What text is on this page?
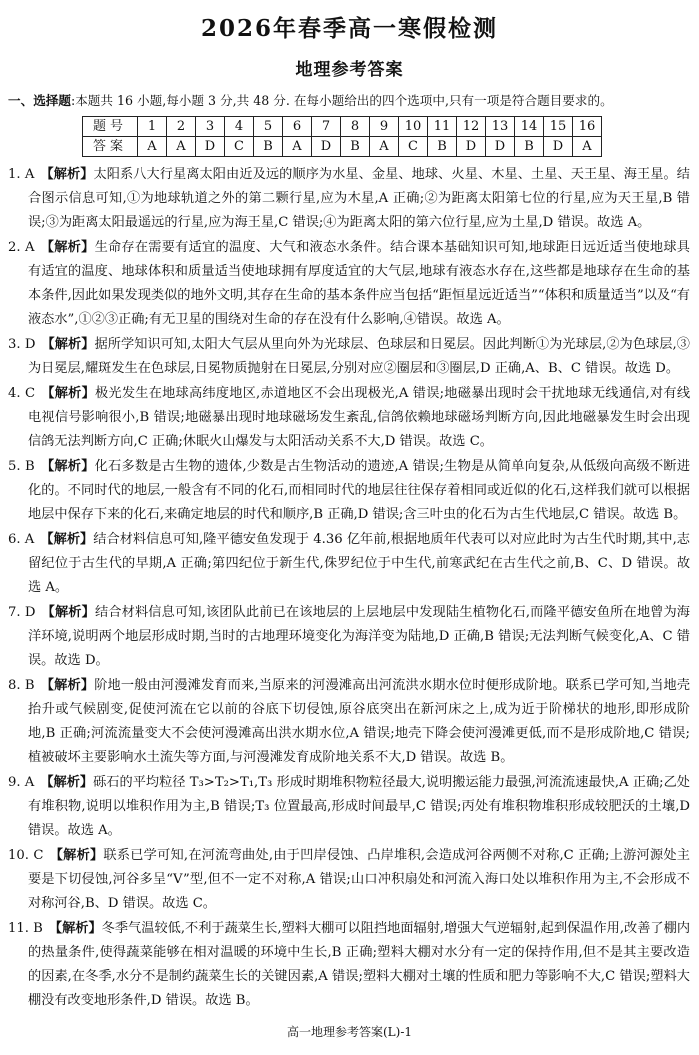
2026年春季高一寒假检测
地理参考答案
一、选择题:本题共 16 小题,每小题 3 分,共 48 分. 在每小题给出的四个选项中,只有一项是符合题目要求的。
题号	1	2	3	4	5	6	7	8	9	10	11	12	13	14	15	16
答案	A	A	D	C	B	A	D	B	A	C	B	D	D	B	D	A
1. A 【解析】太阳系八大行星离太阳由近及远的顺序为水星、金星、地球、火星、木星、土星、天王星、海王星。结合图示信息可知,①为地球轨道之外的第二颗行星,应为木星,A 正确;②为距离太阳第七位的行星,应为天王星,B 错误;③为距离太阳最遥远的行星,应为海王星,C 错误;④为距离太阳的第六位行星,应为土星,D 错误。故选 A。
2. A 【解析】生命存在需要有适宜的温度、大气和液态水条件。结合课本基础知识可知,地球距日远近适当使地球具有适宜的温度、地球体积和质量适当使地球拥有厚度适宜的大气层,地球有液态水存在,这些都是地球存在生命的基本条件,因此如果发现类似的地外文明,其存在生命的基本条件应当包括“距恒星远近适当”“体积和质量适当”以及“有液态水”,①②③正确;有无卫星的围绕对生命的存在没有什么影响,④错误。故选 A。
3. D 【解析】据所学知识可知,太阳大气层从里向外为光球层、色球层和日冕层。因此判断①为光球层,②为色球层,③为日冕层,耀斑发生在色球层,日冕物质抛射在日冕层,分别对应②圈层和③圈层,D 正确,A、B、C 错误。故选 D。
4. C 【解析】极光发生在地球高纬度地区,赤道地区不会出现极光,A 错误;地磁暴出现时会干扰地球无线通信,对有线电视信号影响很小,B 错误;地磁暴出现时地球磁场发生紊乱,信鸽依赖地球磁场判断方向,因此地磁暴发生时会出现信鸽无法判断方向,C 正确;休眠火山爆发与太阳活动关系不大,D 错误。故选 C。
5. B 【解析】化石多数是古生物的遗体,少数是古生物活动的遗迹,A 错误;生物是从简单向复杂,从低级向高级不断进化的。不同时代的地层,一般含有不同的化石,而相同时代的地层往往保存着相同或近似的化石,这样我们就可以根据地层中保存下来的化石,来确定地层的时代和顺序,B 正确,D 错误;含三叶虫的化石为古生代地层,C 错误。故选 B。
6. A 【解析】结合材料信息可知,隆平德安鱼发现于 4.36 亿年前,根据地质年代表可以对应此时为古生代时期,其中,志留纪位于古生代的早期,A 正确;第四纪位于新生代,侏罗纪位于中生代,前寒武纪在古生代之前,B、C、D 错误。故选 A。
7. D 【解析】结合材料信息可知,该团队此前已在该地层的上层地层中发现陆生植物化石,而隆平德安鱼所在地曾为海洋环境,说明两个地层形成时期,当时的古地理环境变化为海洋变为陆地,D 正确,B 错误;无法判断气候变化,A、C 错误。故选 D。
8. B 【解析】阶地一般由河漫滩发育而来,当原来的河漫滩高出河流洪水期水位时便形成阶地。联系已学可知,当地壳抬升或气候剧变,促使河流在它以前的谷底下切侵蚀,原谷底突出在新河床之上,成为近于阶梯状的地形,即形成阶地,B 正确;河流流量变大不会使河漫滩高出洪水期水位,A 错误;地壳下降会使河漫滩更低,而不是形成阶地,C 错误;植被破坏主要影响水土流失等方面,与河漫滩发育成阶地关系不大,D 错误。故选 B。
9. A 【解析】砾石的平均粒径 T₃>T₂>T₁,T₃ 形成时期堆积物粒径最大,说明搬运能力最强,河流流速最快,A 正确;乙处有堆积物,说明以堆积作用为主,B 错误;T₃ 位置最高,形成时间最早,C 错误;丙处有堆积物堆积形成较肥沃的土壤,D 错误。故选 A。
10. C 【解析】联系已学可知,在河流弯曲处,由于凹岸侵蚀、凸岸堆积,会造成河谷两侧不对称,C 正确;上游河源处主要是下切侵蚀,河谷多呈“V”型,但不一定不对称,A 错误;山口冲积扇处和河流入海口处以堆积作用为主,不会形成不对称河谷,B、D 错误。故选 C。
11. B 【解析】冬季气温较低,不利于蔬菜生长,塑料大棚可以阻挡地面辐射,增强大气逆辐射,起到保温作用,改善了棚内的热量条件,使得蔬菜能够在相对温暖的环境中生长,B 正确;塑料大棚对水分有一定的保持作用,但不是其主要改造的因素,在冬季,水分不是制约蔬菜生长的关键因素,A 错误;塑料大棚对土壤的性质和肥力等影响不大,C 错误;塑料大棚没有改变地形条件,D 错误。故选 B。
高一地理参考答案(L)-1
